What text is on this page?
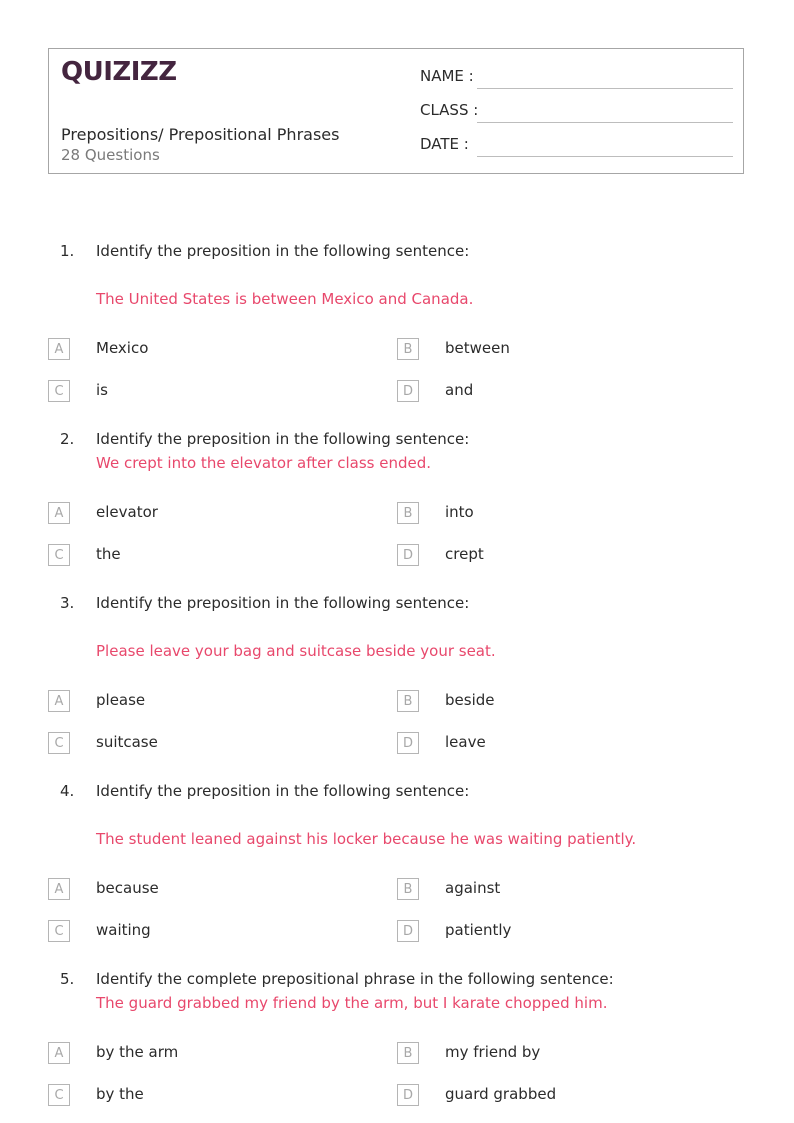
QUIZIZZ
Prepositions/ Prepositional Phrases
28 Questions
NAME :
CLASS :
DATE :
1. Identify the preposition in the following sentence:
The United States is between Mexico and Canada.
A	Mexico	B	between
C	is	D	and
2. Identify the preposition in the following sentence:
We crept into the elevator after class ended.
A	elevator	B	into
C	the	D	crept
3. Identify the preposition in the following sentence:
Please leave your bag and suitcase beside your seat.
A	please	B	beside
C	suitcase	D	leave
4. Identify the preposition in the following sentence:
The student leaned against his locker because he was waiting patiently.
A	because	B	against
C	waiting	D	patiently
5. Identify the complete prepositional phrase in the following sentence:
The guard grabbed my friend by the arm, but I karate chopped him.
A	by the arm	B	my friend by
C	by the	D	guard grabbed
